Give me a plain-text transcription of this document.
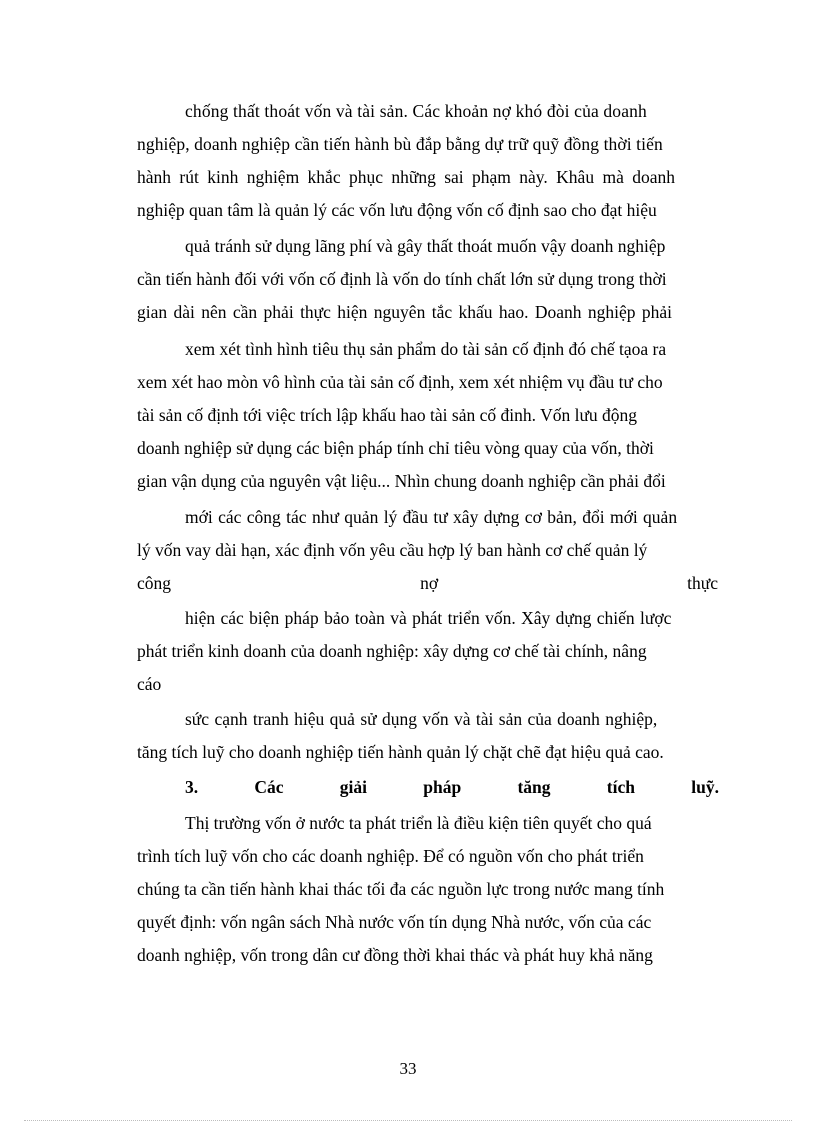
chống thất thoát vốn và tài sản. Các khoản nợ khó đòi của doanh
nghiệp, doanh nghiệp cần tiến hành bù đắp bằng dự trữ quỹ đồng thời tiến
hành rút kinh nghiệm khắc phục những sai phạm này. Khâu mà doanh
nghiệp quan tâm là quản lý các vốn lưu động vốn cố định sao cho đạt hiệu
quả tránh sử dụng lãng phí và gây thất thoát muốn vậy doanh nghiệp
cần tiến hành đối với vốn cố định là vốn do tính chất lớn sử dụng trong thời
gian dài nên cần phải thực hiện nguyên tắc khấu hao. Doanh nghiệp phải
xem xét tình hình tiêu thụ sản phẩm do tài sản cố định đó chế tạoa ra
xem xét hao mòn vô hình của tài sản cố định, xem xét nhiệm vụ đầu tư cho
tài sản cố định tới việc trích lập khấu hao tài sản cố đinh. Vốn lưu động
doanh nghiệp sử dụng các biện pháp tính chỉ tiêu vòng quay của vốn, thời
gian vận dụng của nguyên vật liệu... Nhìn chung doanh nghiệp cần phải đổi
mới các công tác như quản lý đầu tư xây dựng cơ bản, đổi mới quản
lý vốn vay dài hạn, xác định vốn yêu cầu hợp lý ban hành cơ chế quản lý
công	nợ	thực
hiện các biện pháp bảo toàn và phát triển vốn. Xây dựng chiến lược
phát triển kinh doanh của doanh nghiệp: xây dựng cơ chế tài chính, nâng
cáo
sức cạnh tranh hiệu quả sử dụng vốn và tài sản của doanh nghiệp,
tăng tích luỹ cho doanh nghiệp tiến hành quản lý chặt chẽ đạt hiệu quả cao.
3.	Các	giải	pháp	tăng	tích	luỹ.
Thị trường vốn ở nước ta phát triển là điều kiện tiên quyết cho quá
trình tích luỹ vốn cho các doanh nghiệp. Để có nguồn vốn cho phát triển
chúng ta cần tiến hành khai thác tối đa các nguồn lực trong nước mang tính
quyết định: vốn ngân sách Nhà nước vốn tín dụng Nhà nước, vốn của các
doanh nghiệp, vốn trong dân cư đồng thời khai thác và phát huy khả năng
33
